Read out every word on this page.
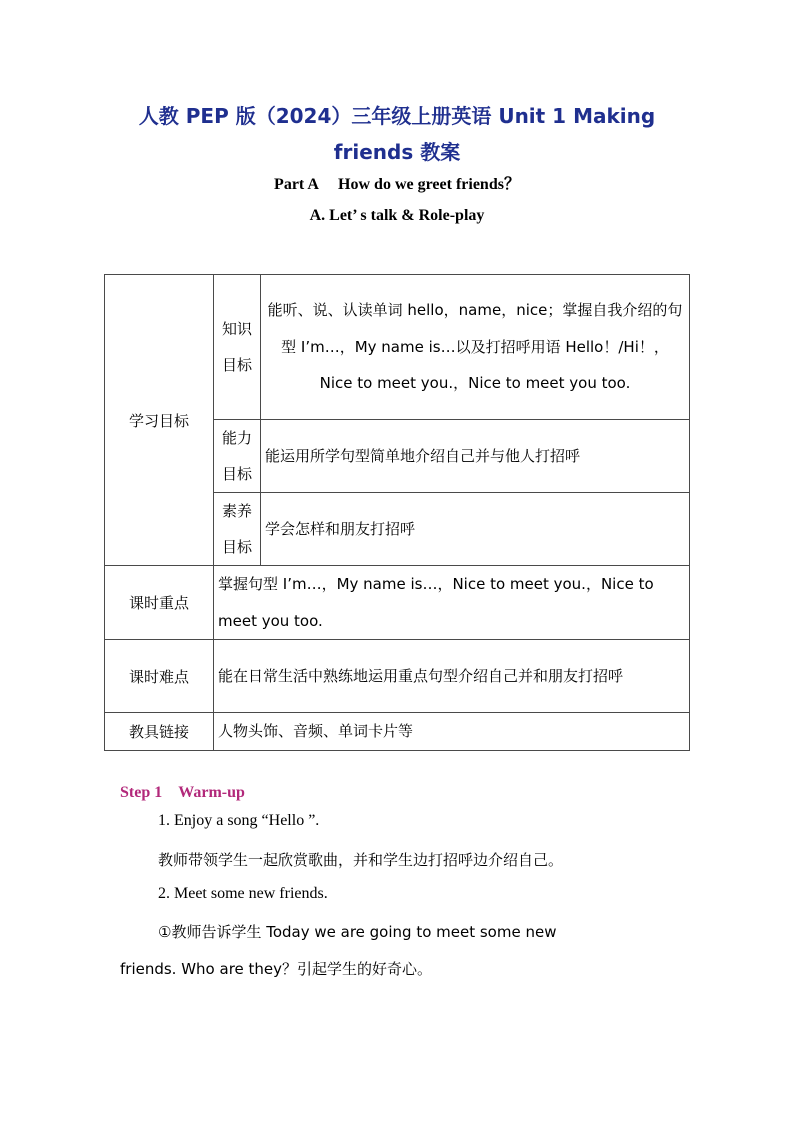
人教 PEP 版（2024）三年级上册英语 Unit 1 Making
friends 教案
Part A　 How do we greet friends？
A. Let’ s talk & Role-play
学习目标	知识目标	能听、说、认读单词 hello，name，nice；掌握自我介绍的句型 I’m…，My name is…以及打招呼用语 Hello！/Hi！，Nice to meet you.，Nice to meet you too.
	能力目标	能运用所学句型简单地介绍自己并与他人打招呼
	素养目标	学会怎样和朋友打招呼
课时重点	掌握句型 I’m…，My name is…，Nice to meet you.，Nice to meet you too.	
课时难点	能在日常生活中熟练地运用重点句型介绍自己并和朋友打招呼	
教具链接	人物头饰、音频、单词卡片等	
Step 1　Warm-up
1. Enjoy a song “Hello ”.
教师带领学生一起欣赏歌曲，并和学生边打招呼边介绍自己。
2. Meet some new friends.
①教师告诉学生 Today we are going to meet some new
friends. Who are they？引起学生的好奇心。
